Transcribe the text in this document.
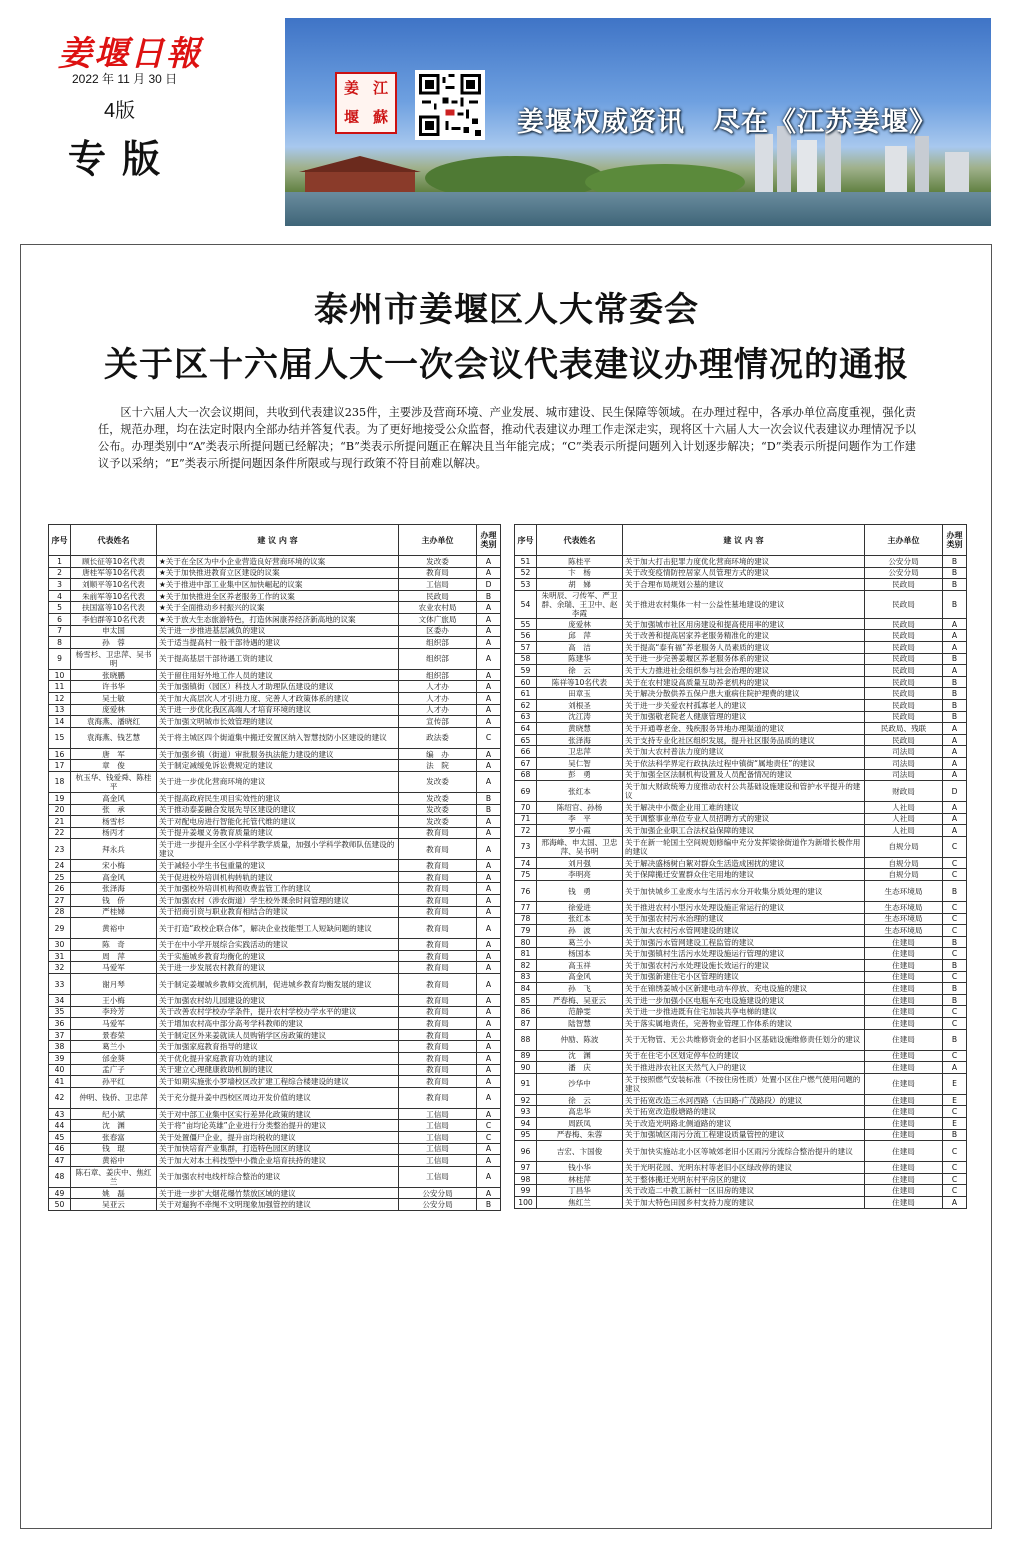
姜堰日報
2022 年 11 月 30 日
4版
专版
姜 江
堰 蘇	姜堰权威资讯　尽在《江苏姜堰》
泰州市姜堰区人大常委会
关于区十六届人大一次会议代表建议办理情况的通报

区十六届人大一次会议期间，共收到代表建议235件，主要涉及营商环境、产业发展、城市建设、民生保障等领域。在办理过程中，各承办单位高度重视，强化责任，规范办理，均在法定时限内全部办结并答复代表。为了更好地接受公众监督，推动代表建议办理工作走深走实，现将区十六届人大一次会议代表建议办理情况予以公布。办理类别中“A”类表示所提问题已经解决；“B”类表示所提问题正在解决且当年能完成；“C”类表示所提问题列入计划逐步解决；“D”类表示所提问题作为工作建议予以采纳；“E”类表示所提问题因条件所限或与现行政策不符目前难以解决。

序号	代表姓名	建 议 内 容	主办单位	办理类别
1	顾长征等10名代表	★关于在全区为中小企业营造良好营商环境的议案	发改委	A
2	唐桂军等10名代表	★关于加快推进教育立区建设的议案	教育局	A
3	刘顺平等10名代表	★关于推进中部工业集中区加快崛起的议案	工信局	D
4	朱前军等10名代表	★关于加快推进全区养老服务工作的议案	民政局	B
5	扶国富等10名代表	★关于全面推动乡村振兴的议案	农业农村局	A
6	李伯群等10名代表	★关于放大生态旅游特色，打造休闲康养经济新高地的议案	文体广旅局	A
7	申太国	关于进一步推进基层减负的建议	区委办	A
8	孙　蓉	关于适当提高村一般干部待遇的建议	组织部	A
9	杨雪杉、卫忠萍、吴书明	关于提高基层干部待遇工资的建议	组织部	A
10	张晓鹏	关于留住用好外地工作人员的建议	组织部	A
11	许书华	关于加强镇街（园区）科技人才助理队伍建设的建议	人才办	A
12	吴士敏	关于加大高层次人才引进力度、完善人才政策体系的建议	人才办	A
13	庞爱林	关于进一步优化我区高端人才培育环境的建议	人才办	A
14	袁海燕、潘晓红	关于加强文明城市长效管理的建议	宣传部	A
15	袁海燕、钱艺慧	关于将主城区四个街道集中搬迁安置区纳入智慧技防小区建设的建议	政法委	C
16	唐　军	关于加强乡镇（街道）审批服务执法能力建设的建议	编　办	A
17	章　俊	关于制定减缓免诉讼费规定的建议	法　院	A
18	杭玉华、钱爱舜、陈桂平	关于进一步优化营商环境的建议	发改委	A
19	高金风	关于提高政府民生项目实效性的建议	发改委	B
20	张　承	关于推动泰姜融合发展先导区建设的建议	发改委	B
21	杨雪杉	关于对配电房进行智能化托管代维的建议	发改委	A
22	杨丙才	关于提升姜堰义务教育质量的建议	教育局	A
23	拜永兵	关于进一步提升全区小学科学教学质量，加强小学科学教师队伍建设的建议	教育局	A
24	宋小梅	关于减轻小学生书包重量的建议	教育局	A
25	高金风	关于促进校外培训机构转轨的建议	教育局	A
26	张泽海	关于加强校外培训机构预收费监管工作的建议	教育局	A
27	钱　侨	关于加强农村（涉农街道）学生校外课余时间管理的建议	教育局	A
28	严桂娣	关于招商引资与职业教育相结合的建议	教育局	A
29	黄裕中	关于打造“政校企联合体”，解决企业技能型工人短缺问题的建议	教育局	A
30	陈　奇	关于在中小学开展综合实践活动的建议	教育局	A
31	周　萍	关于实施城乡教育均衡化的建议	教育局	A
32	马爱军	关于进一步发展农村教育的建议	教育局	A
33	谢月琴	关于制定姜堰城乡教师交流机制，促进城乡教育均衡发展的建议	教育局	A
34	王小梅	关于加强农村幼儿园建设的建议	教育局	A
35	李玲芳	关于改善农村学校办学条件，提升农村学校办学水平的建议	教育局	A
36	马爱军	关于增加农村高中部分高考学科教师的建议	教育局	A
37	景春荣	关于制定区外来姜就读人员购销学区房政策的建议	教育局	A
38	葛兰小	关于加强家庭教育指导的建议	教育局	A
39	邰金葵	关于优化提升家庭教育功效的建议	教育局	A
40	孟广子	关于建立心理健康救助机制的建议	教育局	A
41	孙平红	关于如期实施张小罗墙校区改扩建工程综合楼建设的建议	教育局	A
42	仲明、钱侨、卫忠萍	关于充分提升姜中西校区周边开发价值的建议	教育局	A
43	纪小斌	关于对中部工业集中区实行差异化政策的建议	工信局	A
44	沈　渊	关于将“亩均论英雄”企业进行分类整治提升的建议	工信局	C
45	张春富	关于处置僵尸企业，提升亩均税收的建议	工信局	C
46	钱　琨	关于加快培育产业集群，打造特色园区的建议	工信局	A
47	黄裕中	关于加大对本土科技型中小微企业培育扶持的建议	工信局	A
48	陈石章、姜庆中、焦红兰	关于加强农村电线杆综合整治的建议	工信局	A
49	姚　磊	关于进一步扩大烟花爆竹禁放区域的建议	公安分局	A
50	吴亚云	关于对遛狗不牵绳不文明现象加强管控的建议	公安分局	B
序号	代表姓名	建 议 内 容	主办单位	办理类别
51	陈桂平	关于加大打击犯罪力度优化营商环境的建议	公安分局	B
52	卞　杨	关于改变疫情防控居家人员管理方式的建议	公安分局	B
53	胡　娣	关于合理布局规划公墓的建议	民政局	B
54	朱明辰、刁传军、严卫群、余瑞、王卫中、赵李霞	关于推进农村集体一村一公益性墓地建设的建议	民政局	B
55	庞爱林	关于加强城市社区用房建设和提高使用率的建议	民政局	A
56	邱　萍	关于改善和提高居家养老服务精准化的建议	民政局	A
57	高　洁	关于提高“泰有福”养老服务人员素质的建议	民政局	A
58	陈建华	关于进一步完善姜堰区养老服务体系的建议	民政局	B
59	徐　云	关于大力推进社会组织参与社会治理的建议	民政局	A
60	陈祥等10名代表	关于在农村建设高质量互助养老机构的建议	民政局	B
61	田章玉	关于解决分散供养五保户患大重病住院护理费的建议	民政局	B
62	刘根圣	关于进一步关爱农村孤寡老人的建议	民政局	B
63	沈江涛	关于加强敬老院老人健康管理的建议	民政局	B
64	黄晓慧	关于开通尊老金、残疾服务异地办理渠道的建议	民政局、残联	A
65	张泽海	关于支持专业化社区组织发展，提升社区服务品质的建议	民政局	A
66	卫忠萍	关于加大农村普法力度的建议	司法局	A
67	吴仁智	关于依法科学界定行政执法过程中镇街“属地责任”的建议	司法局	A
68	彭　勇	关于加强全区法制机构设置及人员配备情况的建议	司法局	A
69	张红本	关于加大财政统筹力度推动农村公共基础设施建设和管护水平提升的建议	财政局	D
70	陈绍官、孙杨	关于解决中小微企业用工难的建议	人社局	A
71	李　平	关于调整事业单位专业人员招聘方式的建议	人社局	A
72	罗小霞	关于加强企业职工合法权益保障的建议	人社局	A
73	邢海峰、申太国、卫忠萍、吴书明	关于在新一轮国土空间规划修编中充分发挥梁徐街道作为新增长极作用的建议	自规分局	C
74	刘月强	关于解决盛杨树白絮对群众生活造成困扰的建议	自规分局	C
75	李明亮	关于保障搬迁安置群众住宅用地的建议	自规分局	C
76	钱　勇	关于加快城乡工业废水与生活污水分开收集分质处理的建议	生态环境局	B
77	徐爱进	关于推进农村小型污水处理设施正常运行的建议	生态环境局	C
78	张红本	关于加强农村污水治理的建议	生态环境局	C
79	孙　波	关于加大农村污水管网建设的建议	生态环境局	C
80	葛兰小	关于加强污水管网建设工程监管的建议	住建局	B
81	杨国本	关于加强镇村生活污水处理设施运行管理的建议	住建局	C
82	高玉祥	关于加强农村污水处理设施长效运行的建议	住建局	B
83	高金风	关于加强新建住宅小区管理的建议	住建局	C
84	孙　飞	关于在锦绣姜城小区新建电动车停放、充电设施的建议	住建局	B
85	严春梅、吴亚云	关于进一步加强小区电瓶车充电设施建设的建议	住建局	B
86	范静雯	关于进一步推进既有住宅加装共享电梯的建议	住建局	C
87	陆智慧	关于落实属地责任，完善物业管理工作体系的建议	住建局	C
88	仲励、陈波	关于无物管、无公共维修资金的老旧小区基础设施维修责任划分的建议	住建局	B
89	沈　渊	关于在住宅小区划定停车位的建议	住建局	C
90	潘　庆	关于推进涉农社区天然气入户的建议	住建局	A
91	沙华中	关于按照燃气安装标准（不按住房性质）处置小区住户燃气使用问题的建议	住建局	E
92	徐　云	关于拓宽改造三水河西路（古田路-广茂路段）的建议	住建局	E
93	高忠华	关于拓宽改造殷塘路的建议	住建局	C
94	周跃凤	关于改造光明路北侧道路的建议	住建局	E
95	严春梅、朱蓉	关于加强城区雨污分流工程建设质量管控的建议	住建局	B
96	吉宏、卞国俊	关于加快实施站北小区等城郊老旧小区雨污分流综合整治提升的建议	住建局	C
97	钱小华	关于光明花园、光明东村等老旧小区绿改停的建议	住建局	C
98	林桂萍	关于整体搬迁光明东村平房区的建议	住建局	C
99	丁昌华	关于改造二中教工新村一区旧房的建议	住建局	C
100	焦红兰	关于加大特色田园乡村支持力度的建议	住建局	A
